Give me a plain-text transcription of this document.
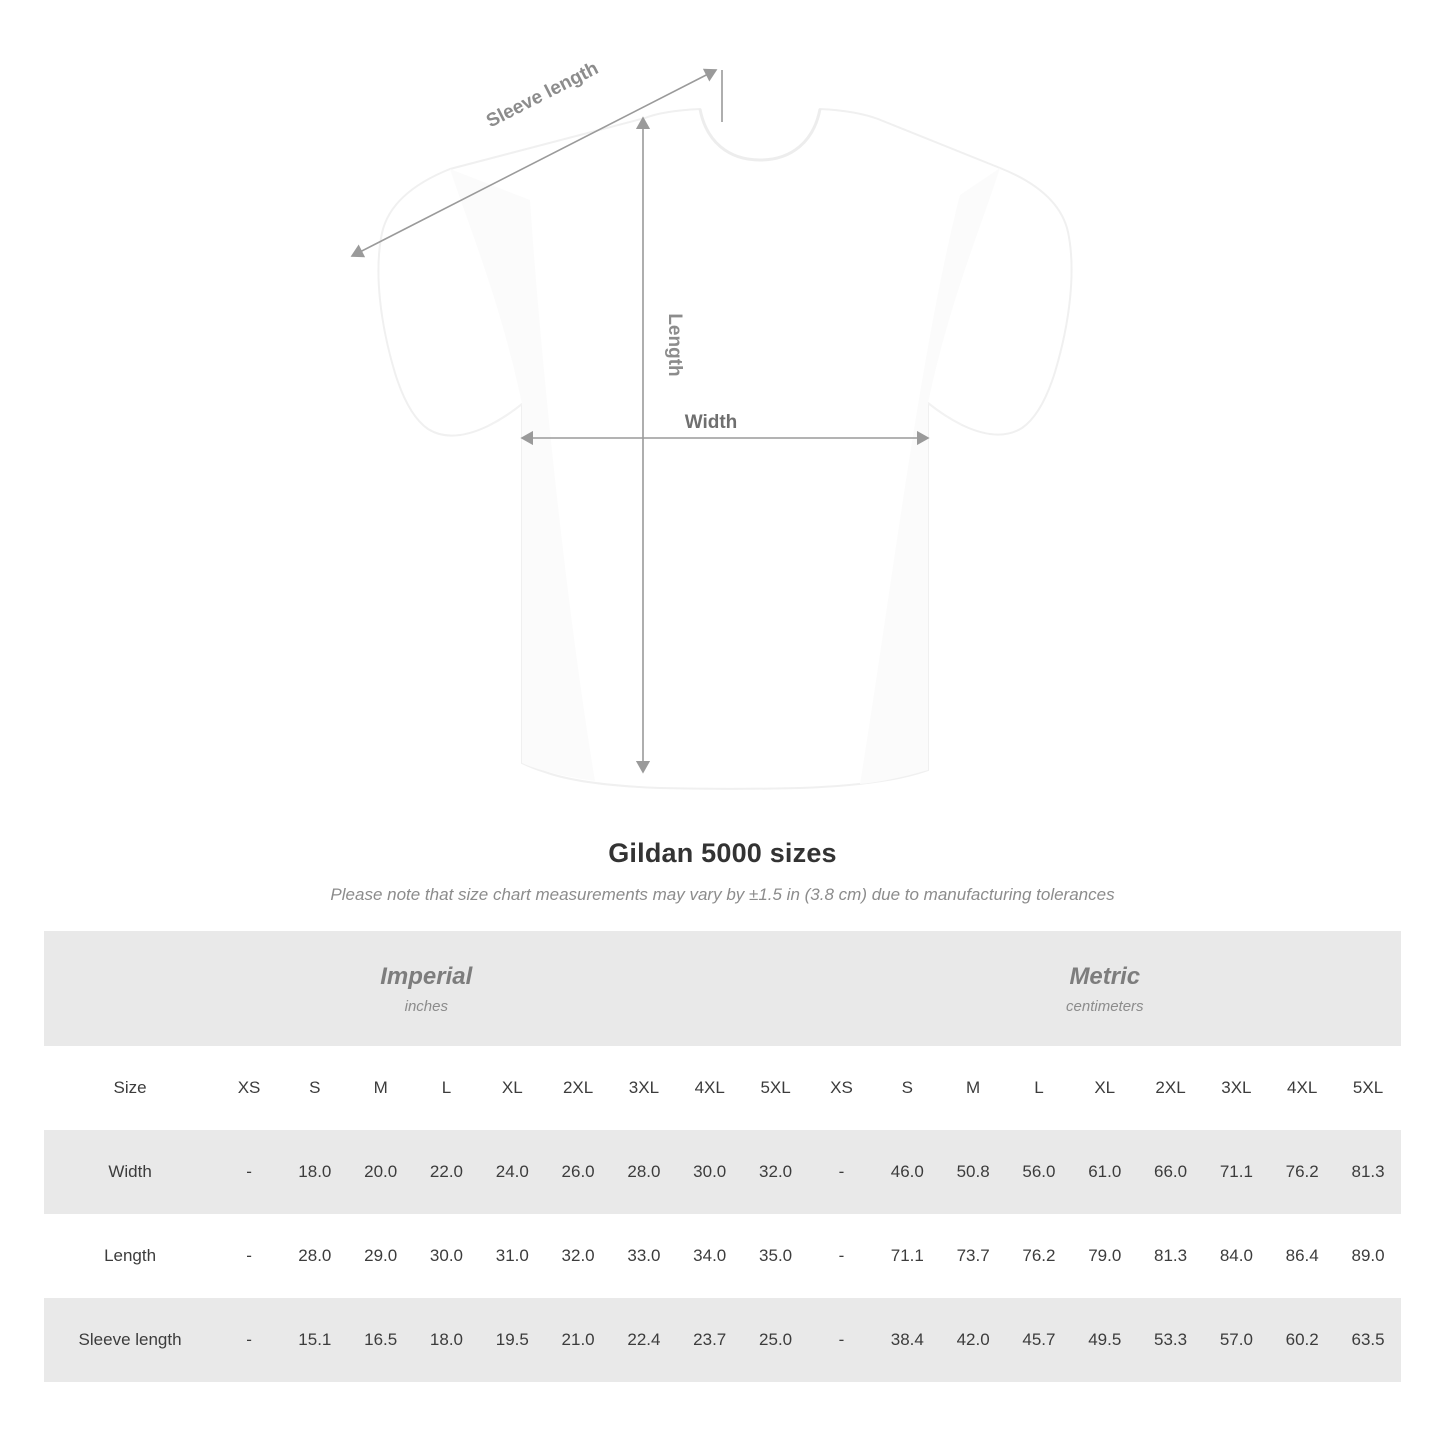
Sleeve length
Length
Width
Gildan 5000 sizes
Please note that size chart measurements may vary by ±1.5 in (3.8 cm) due to manufacturing tolerances
Imperial
inches

Metric
centimeters

Size	XS	S	M	L	XL	2XL	3XL	4XL	5XL	XS	S	M	L	XL	2XL	3XL	4XL	5XL
Width	-	18.0	20.0	22.0	24.0	26.0	28.0	30.0	32.0	-	46.0	50.8	56.0	61.0	66.0	71.1	76.2	81.3
Length	-	28.0	29.0	30.0	31.0	32.0	33.0	34.0	35.0	-	71.1	73.7	76.2	79.0	81.3	84.0	86.4	89.0
Sleeve length	-	15.1	16.5	18.0	19.5	21.0	22.4	23.7	25.0	-	38.4	42.0	45.7	49.5	53.3	57.0	60.2	63.5
